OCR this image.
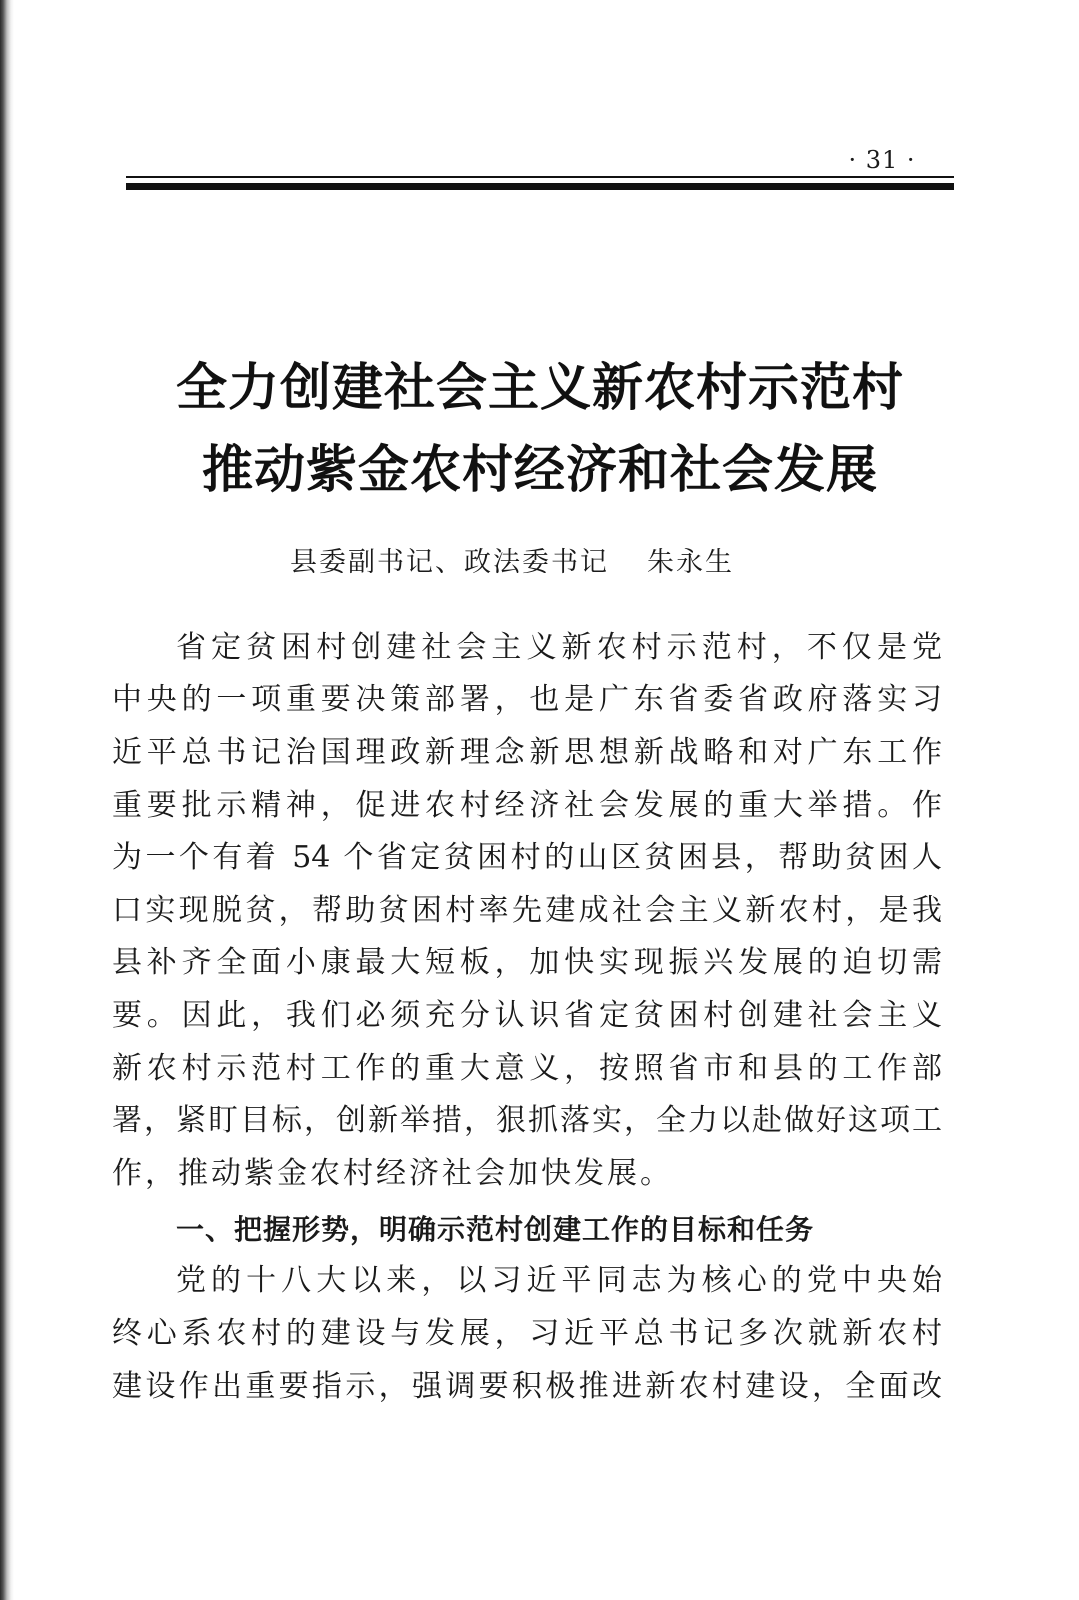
· 31 ·
全力创建社会主义新农村示范村
推动紫金农村经济和社会发展
县委副书记、政法委书记 朱永生
省定贫困村创建社会主义新农村示范村，不仅是党
中央的一项重要决策部署，也是广东省委省政府落实习
近平总书记治国理政新理念新思想新战略和对广东工作
重要批示精神，促进农村经济社会发展的重大举措。作
为一个有着 54 个省定贫困村的山区贫困县，帮助贫困人
口实现脱贫，帮助贫困村率先建成社会主义新农村，是我
县补齐全面小康最大短板，加快实现振兴发展的迫切需
要。因此，我们必须充分认识省定贫困村创建社会主义
新农村示范村工作的重大意义，按照省市和县的工作部
署，紧盯目标，创新举措，狠抓落实，全力以赴做好这项工
作，推动紫金农村经济社会加快发展。
一、把握形势，明确示范村创建工作的目标和任务
党的十八大以来，以习近平同志为核心的党中央始
终心系农村的建设与发展，习近平总书记多次就新农村
建设作出重要指示，强调要积极推进新农村建设，全面改
